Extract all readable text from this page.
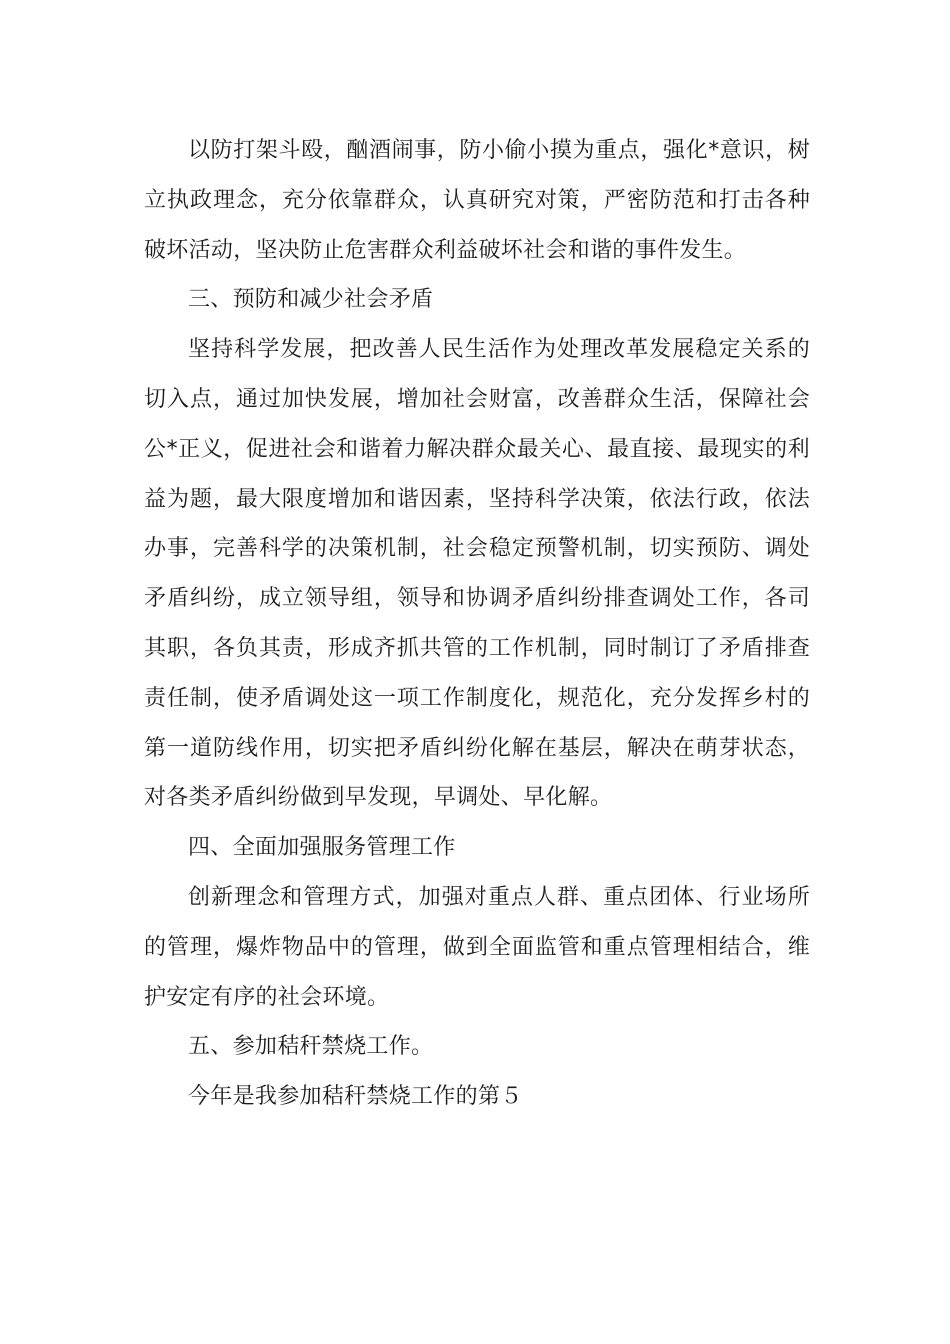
以防打架斗殴，酗酒闹事，防小偷小摸为重点，强化*意识，树立执政理念，充分依靠群众，认真研究对策，严密防范和打击各种破坏活动，坚决防止危害群众利益破坏社会和谐的事件发生。

三、预防和减少社会矛盾

坚持科学发展，把改善人民生活作为处理改革发展稳定关系的切入点，通过加快发展，增加社会财富，改善群众生活，保障社会公*正义，促进社会和谐着力解决群众最关心、最直接、最现实的利益为题，最大限度增加和谐因素，坚持科学决策，依法行政，依法办事，完善科学的决策机制，社会稳定预警机制，切实预防、调处矛盾纠纷，成立领导组，领导和协调矛盾纠纷排查调处工作，各司其职，各负其责，形成齐抓共管的工作机制，同时制订了矛盾排查责任制，使矛盾调处这一项工作制度化，规范化，充分发挥乡村的第一道防线作用，切实把矛盾纠纷化解在基层，解决在萌芽状态，对各类矛盾纠纷做到早发现，早调处、早化解。

四、全面加强服务管理工作

创新理念和管理方式，加强对重点人群、重点团体、行业场所的管理，爆炸物品中的管理，做到全面监管和重点管理相结合，维护安定有序的社会环境。

五、参加秸秆禁烧工作。

今年是我参加秸秆禁烧工作的第５
